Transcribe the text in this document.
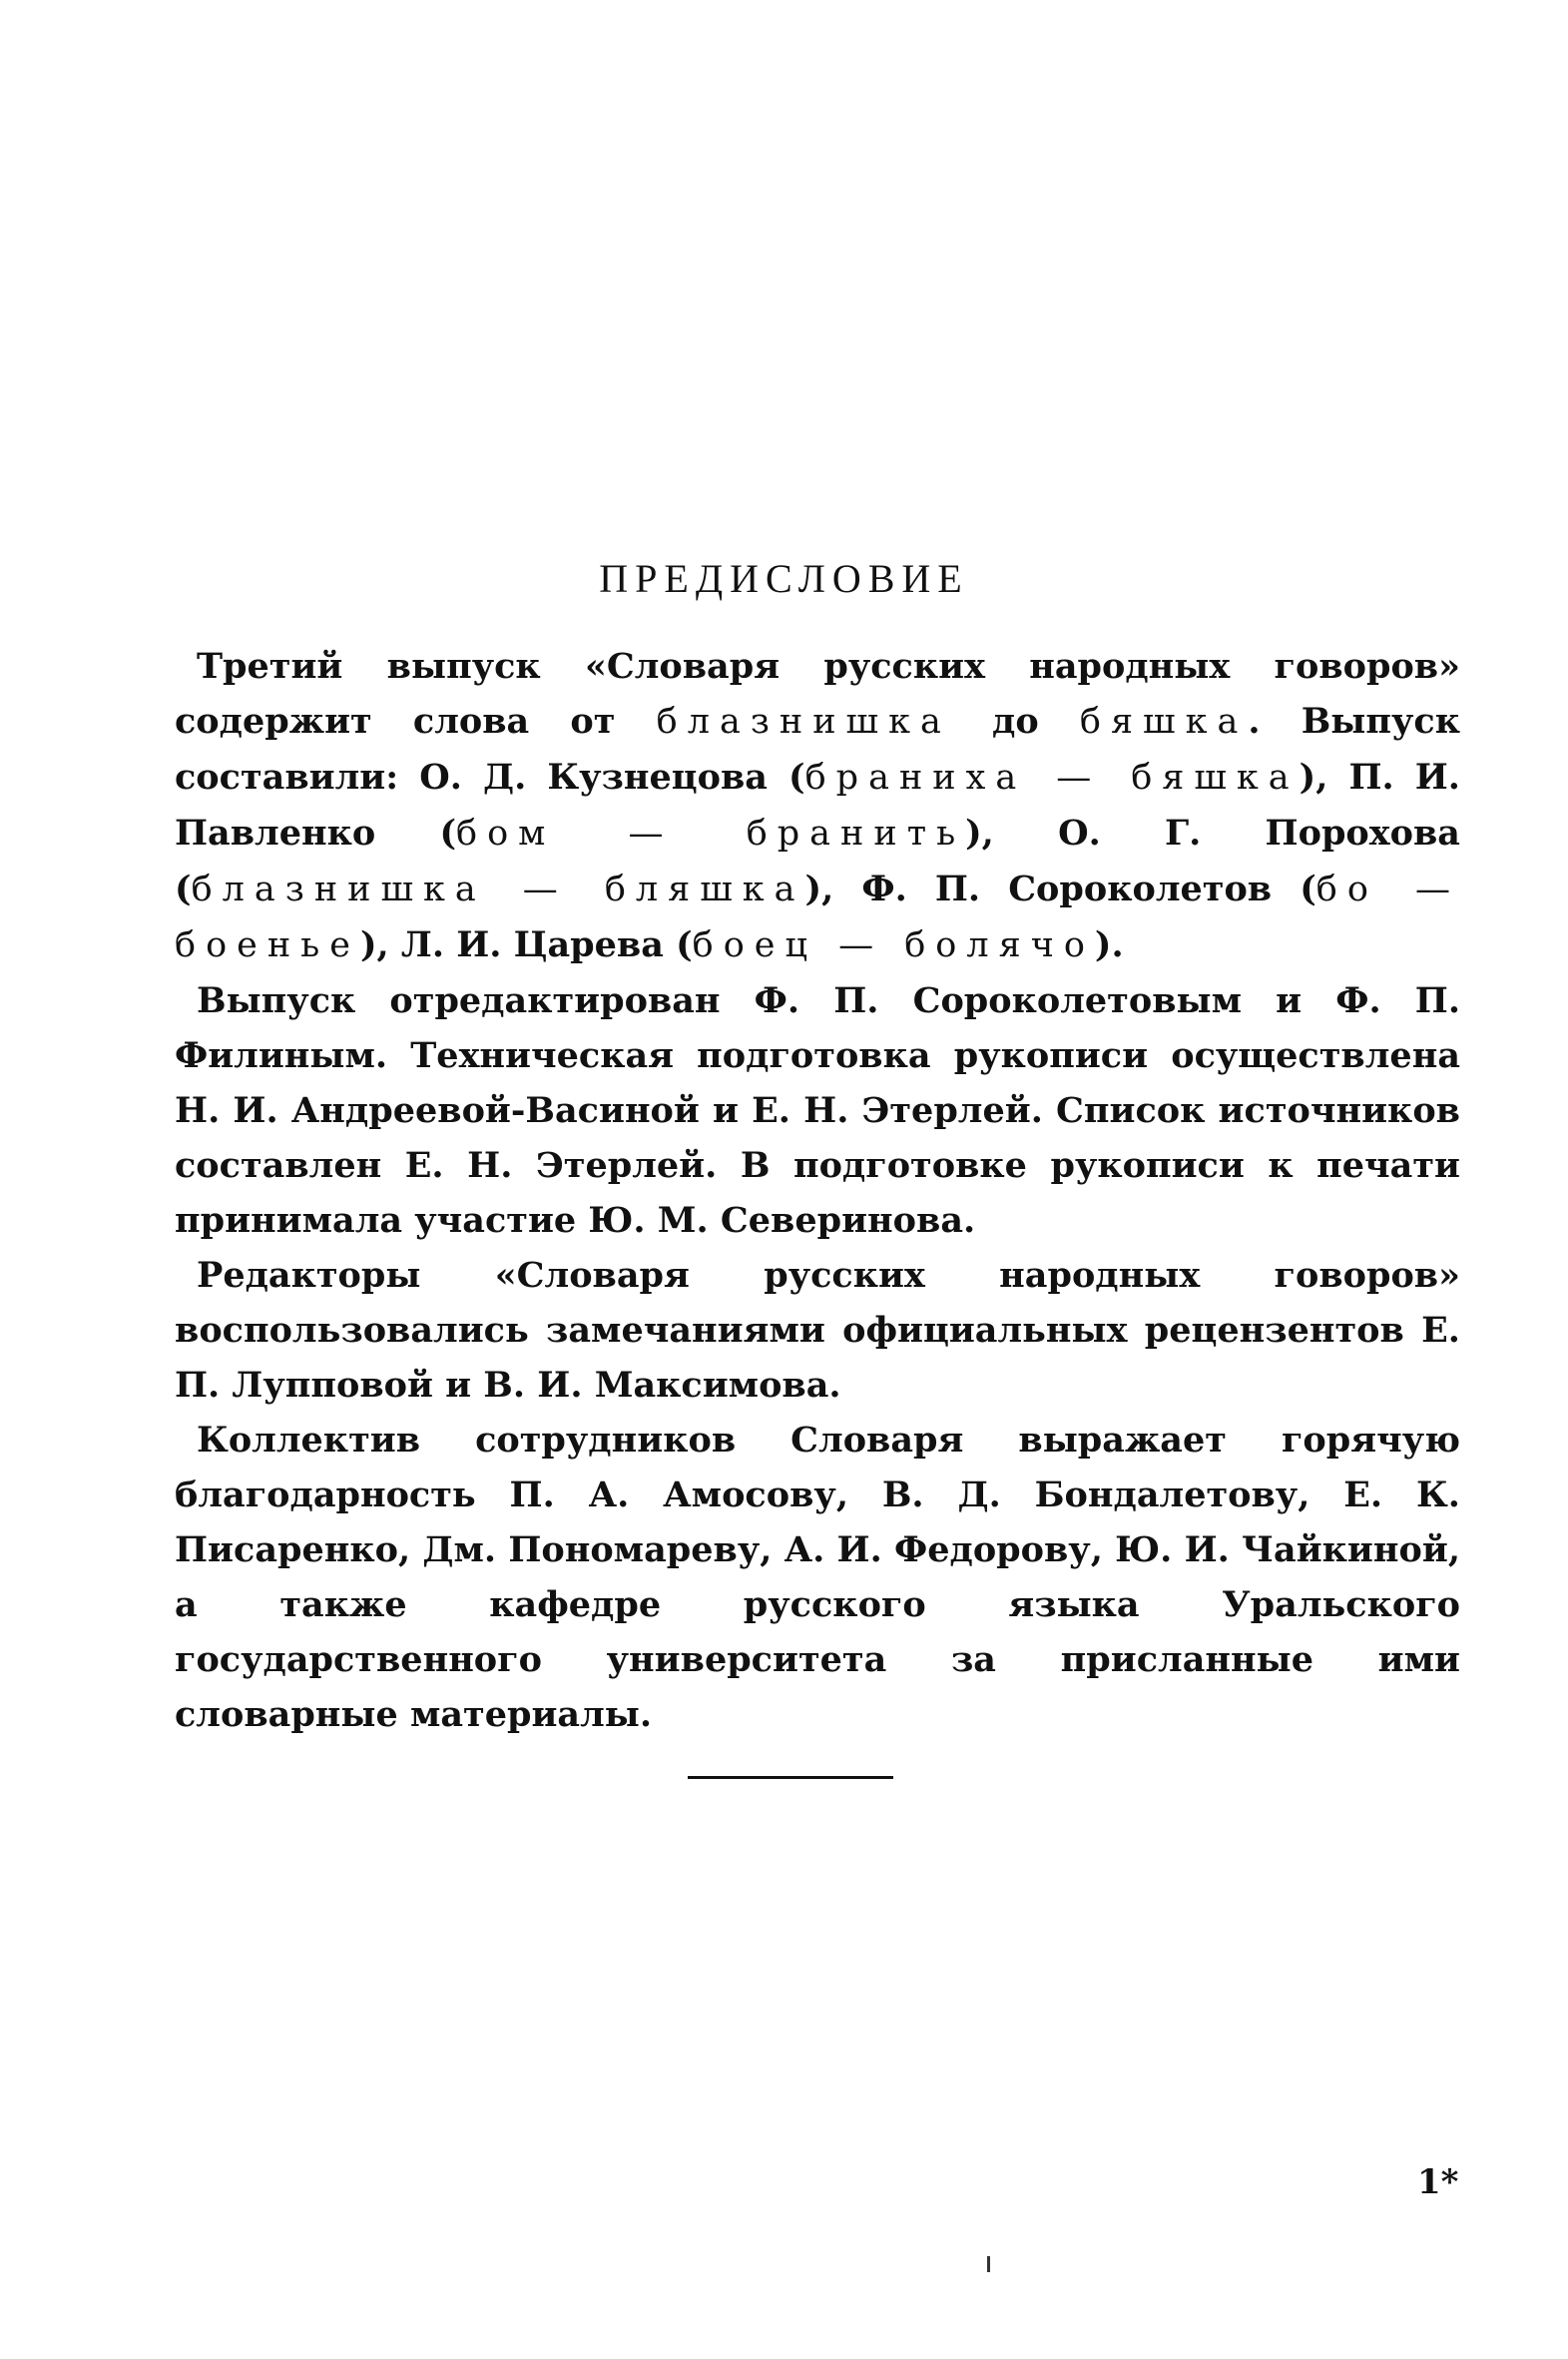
ПРЕДИСЛОВИЕ

Третий выпуск «Словаря русских народных говоров» содержит слова от блазнишка до бяшка. Выпуск составили: О. Д. Кузнецова (браниха — бяшка), П. И. Павленко (бом — бранить), О. Г. Порохова (блазнишка — бляшка), Ф. П. Сороколетов (бо — боенье), Л. И. Царева (боец — болячо).

Выпуск отредактирован Ф. П. Сороколетовым и Ф. П. Филиным. Техническая подготовка рукописи осуществлена Н. И. Андреевой-Васиной и Е. Н. Этерлей. Список источников составлен Е. Н. Этерлей. В подготовке рукописи к печати принимала участие Ю. М. Северинова.

Редакторы «Словаря русских народных говоров» воспользовались замечаниями официальных рецензентов Е. П. Лупповой и В. И. Максимова.

Коллектив сотрудников Словаря выражает горячую благодарность П. А. Амосову, В. Д. Бондалетову, Е. К. Писаренко, Дм. Пономареву, А. И. Федорову, Ю. И. Чайкиной, а также кафедре русского языка Уральского государственного университета за присланные ими словарные материалы.

1*
